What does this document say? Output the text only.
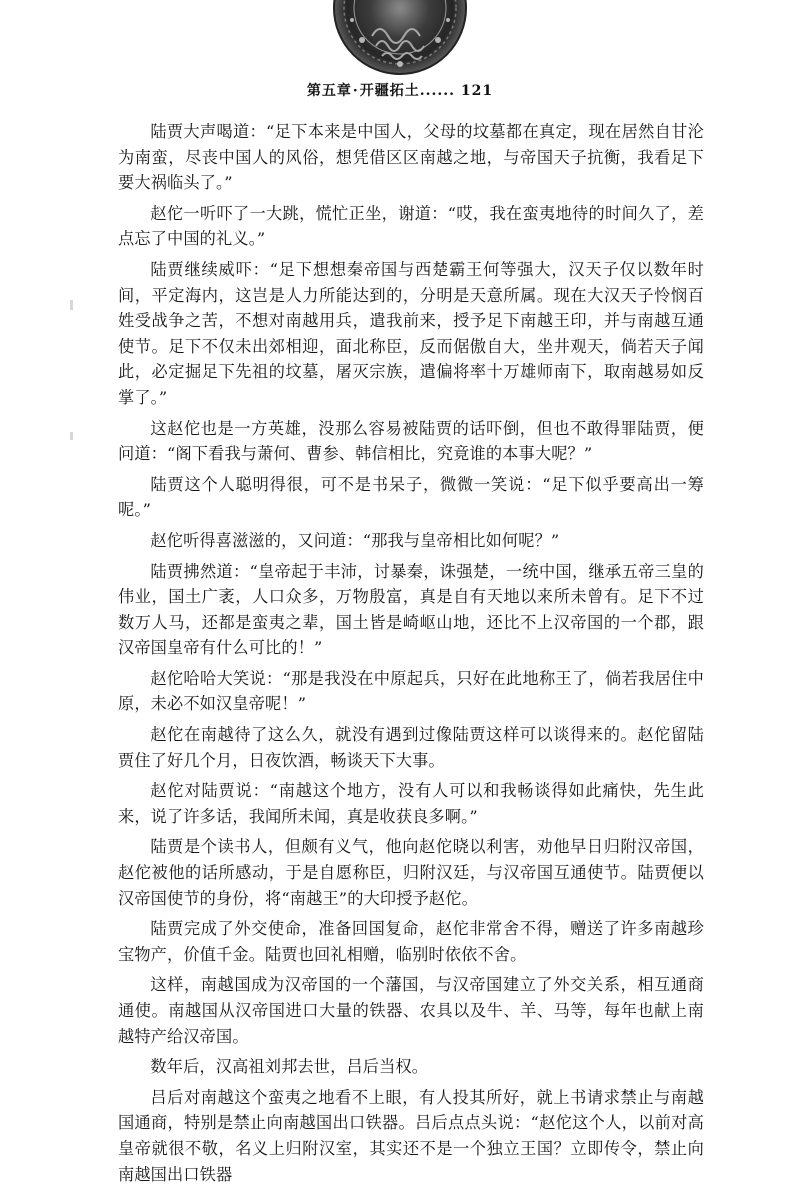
第五章·开疆拓土...... 121

陆贾大声喝道：“足下本来是中国人，父母的坟墓都在真定，现在居然自甘沦为南蛮，尽丧中国人的风俗，想凭借区区南越之地，与帝国天子抗衡，我看足下要大祸临头了。”

赵佗一听吓了一大跳，慌忙正坐，谢道：“哎，我在蛮夷地待的时间久了，差点忘了中国的礼义。”

陆贾继续威吓：“足下想想秦帝国与西楚霸王何等强大，汉天子仅以数年时间，平定海内，这岂是人力所能达到的，分明是天意所属。现在大汉天子怜悯百姓受战争之苦，不想对南越用兵，遣我前来，授予足下南越王印，并与南越互通使节。足下不仅未出郊相迎，面北称臣，反而倨傲自大，坐井观天，倘若天子闻此，必定掘足下先祖的坟墓，屠灭宗族，遣偏将率十万雄师南下，取南越易如反掌了。”

这赵佗也是一方英雄，没那么容易被陆贾的话吓倒，但也不敢得罪陆贾，便问道：“阁下看我与萧何、曹参、韩信相比，究竟谁的本事大呢？”

陆贾这个人聪明得很，可不是书呆子，微微一笑说：“足下似乎要高出一筹呢。”

赵佗听得喜滋滋的，又问道：“那我与皇帝相比如何呢？”

陆贾拂然道：“皇帝起于丰沛，讨暴秦，诛强楚，一统中国，继承五帝三皇的伟业，国土广袤，人口众多，万物殷富，真是自有天地以来所未曾有。足下不过数万人马，还都是蛮夷之辈，国土皆是崎岖山地，还比不上汉帝国的一个郡，跟汉帝国皇帝有什么可比的！”

赵佗哈哈大笑说：“那是我没在中原起兵，只好在此地称王了，倘若我居住中原，未必不如汉皇帝呢！”

赵佗在南越待了这么久，就没有遇到过像陆贾这样可以谈得来的。赵佗留陆贾住了好几个月，日夜饮酒，畅谈天下大事。

赵佗对陆贾说：“南越这个地方，没有人可以和我畅谈得如此痛快，先生此来，说了许多话，我闻所未闻，真是收获良多啊。”

陆贾是个读书人，但颇有义气，他向赵佗晓以利害，劝他早日归附汉帝国，赵佗被他的话所感动，于是自愿称臣，归附汉廷，与汉帝国互通使节。陆贾便以汉帝国使节的身份，将“南越王”的大印授予赵佗。

陆贾完成了外交使命，准备回国复命，赵佗非常舍不得，赠送了许多南越珍宝物产，价值千金。陆贾也回礼相赠，临别时依依不舍。

这样，南越国成为汉帝国的一个藩国，与汉帝国建立了外交关系，相互通商通使。南越国从汉帝国进口大量的铁器、农具以及牛、羊、马等，每年也献上南越特产给汉帝国。

数年后，汉高祖刘邦去世，吕后当权。

吕后对南越这个蛮夷之地看不上眼，有人投其所好，就上书请求禁止与南越国通商，特别是禁止向南越国出口铁器。吕后点点头说：“赵佗这个人，以前对高皇帝就很不敬，名义上归附汉室，其实还不是一个独立王国？立即传令，禁止向南越国出口铁器
